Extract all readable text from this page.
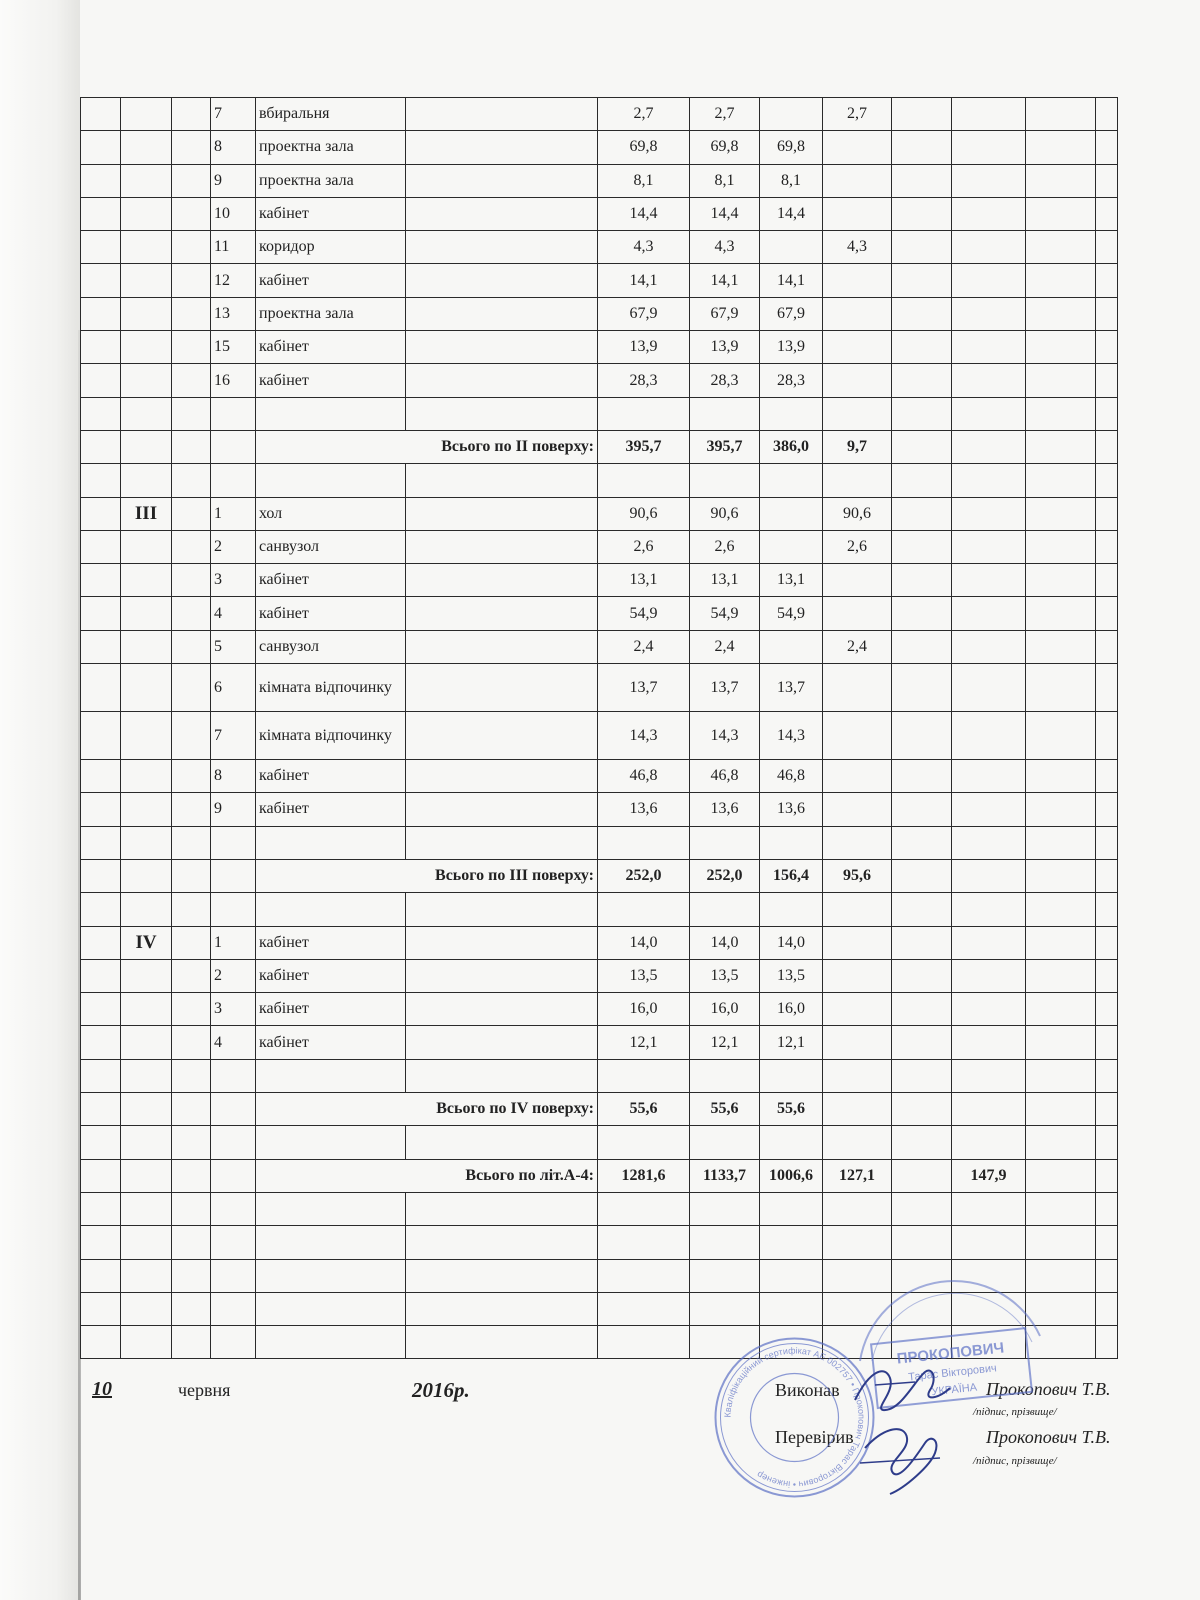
			7	вбиральня		2,7	2,7		2,7				
			8	проектна зала		69,8	69,8	69,8					
			9	проектна зала		8,1	8,1	8,1					
			10	кабінет		14,4	14,4	14,4					
			11	коридор		4,3	4,3		4,3				
			12	кабінет		14,1	14,1	14,1					
			13	проектна зала		67,9	67,9	67,9					
			15	кабінет		13,9	13,9	13,9					
			16	кабінет		28,3	28,3	28,3					

				Всього по ІІ поверху:		395,7	395,7	386,0	9,7				

	ІІІ		1	хол		90,6	90,6		90,6				
			2	санвузол		2,6	2,6		2,6				
			3	кабінет		13,1	13,1	13,1					
			4	кабінет		54,9	54,9	54,9					
			5	санвузол		2,4	2,4		2,4				
			6	кімната відпочинку		13,7	13,7	13,7					
			7	кімната відпочинку		14,3	14,3	14,3					
			8	кабінет		46,8	46,8	46,8					
			9	кабінет		13,6	13,6	13,6					

				Всього по ІІІ поверху:		252,0	252,0	156,4	95,6				

	IV		1	кабінет		14,0	14,0	14,0					
			2	кабінет		13,5	13,5	13,5					
			3	кабінет		16,0	16,0	16,0					
			4	кабінет		12,1	12,1	12,1					

				Всього по IV поверху:		55,6	55,6	55,6					

				Всього по літ.А-4:		1281,6	1133,7	1006,6	127,1		147,9		

10	червня	2016р.	Виконав	Прокопович Т.В.
/підпис, прізвище/
Перевірив	Прокопович Т.В.
/підпис, прізвище/
Кваліфікаційний сертифікат АЕ 002757 • Прокопович Тарас Вікторович • інженер
ПРОКОПОВИЧ
Тарас Вікторович
УКРАЇНА
